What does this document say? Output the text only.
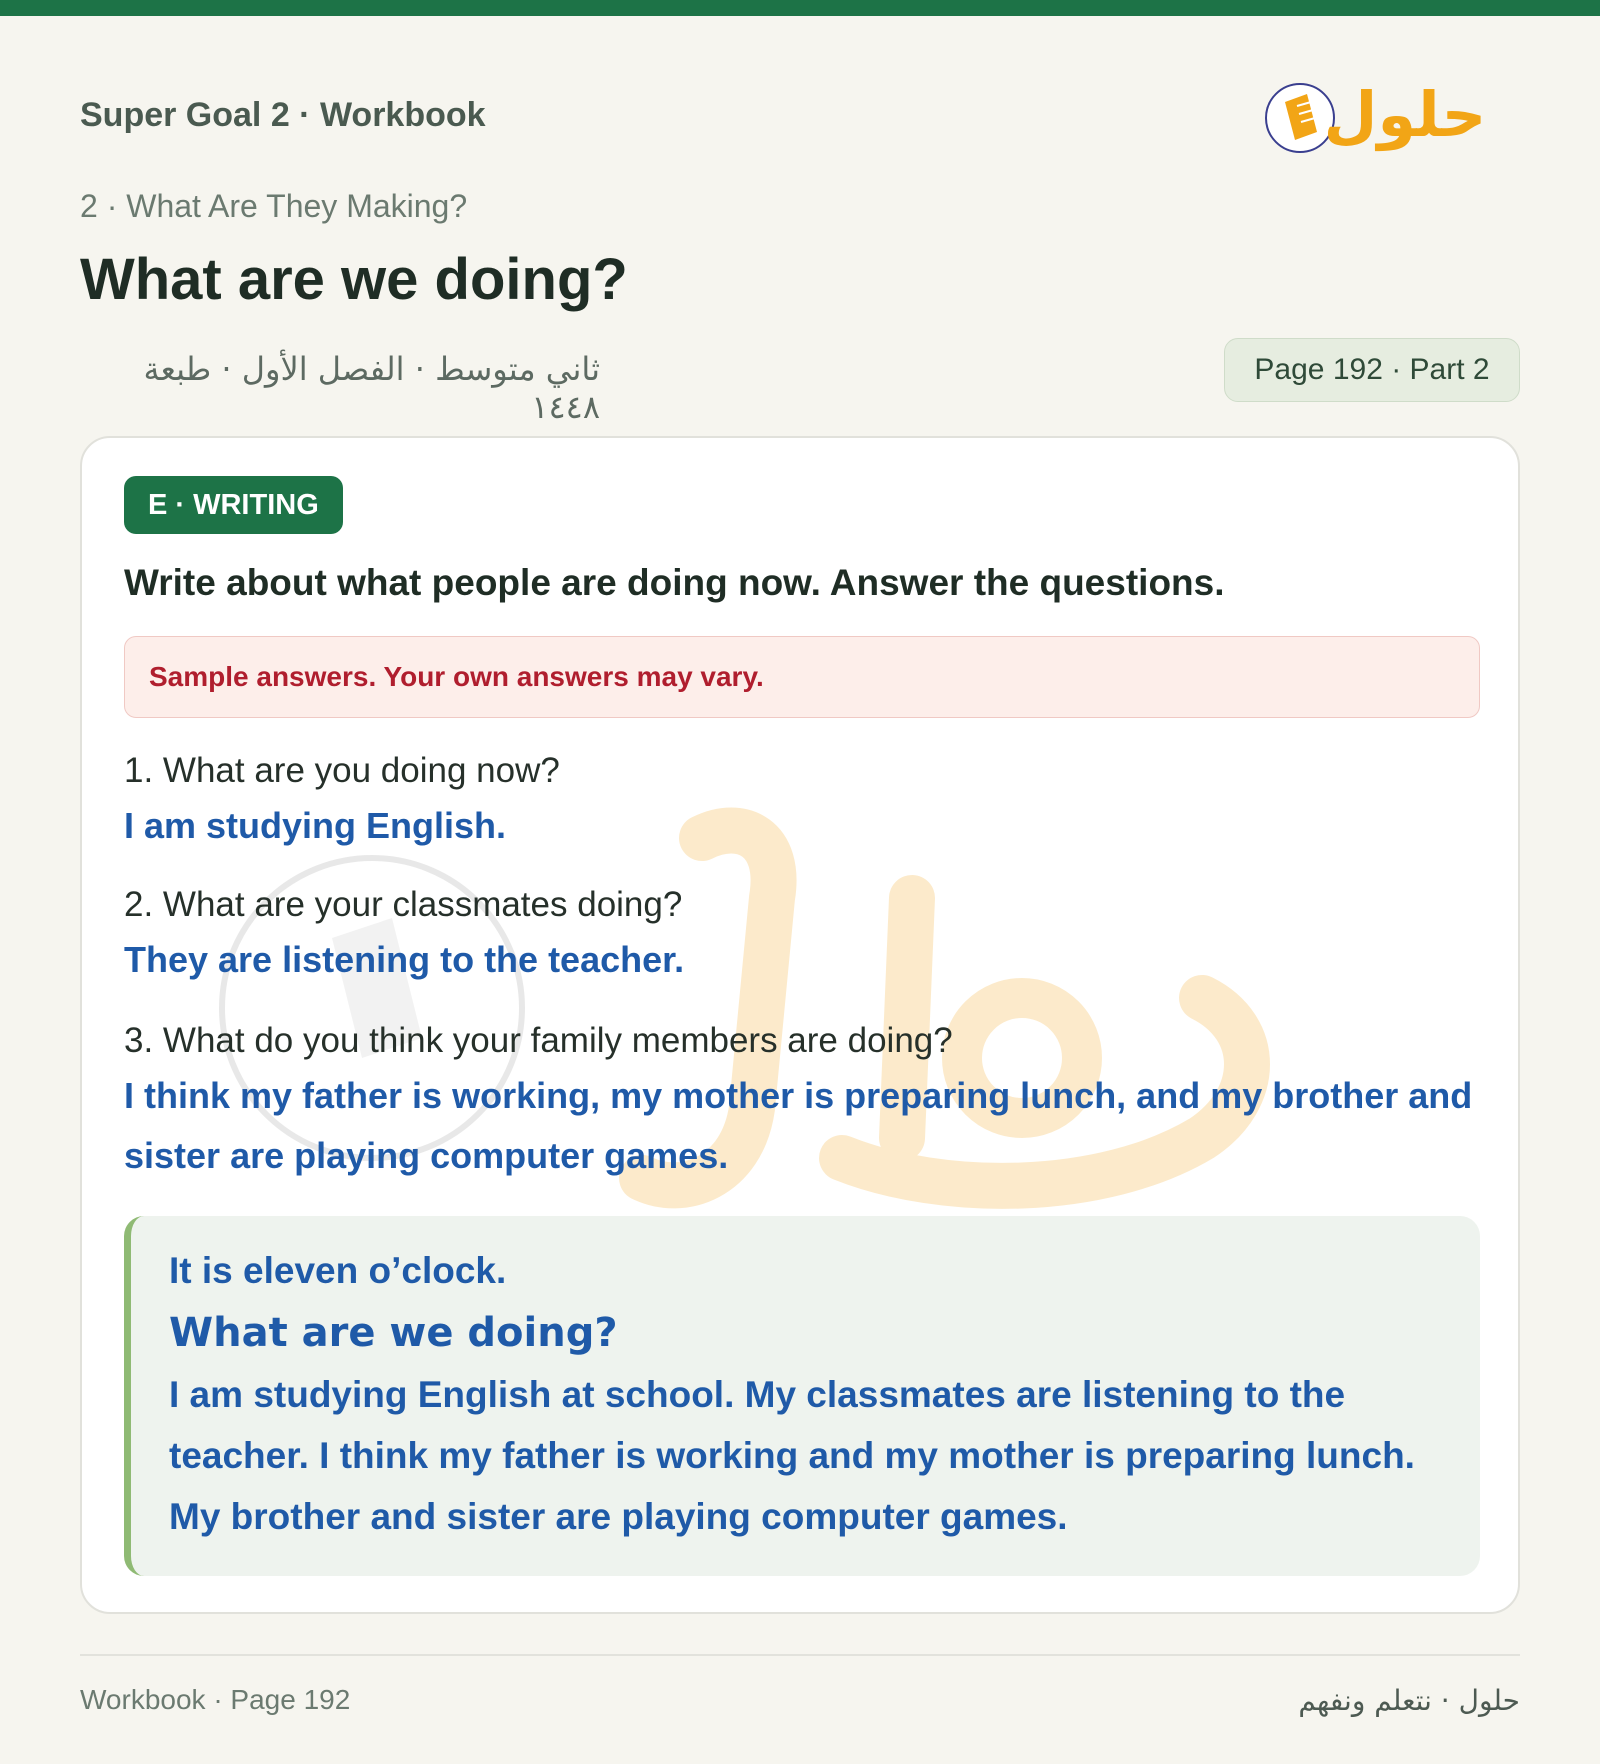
Super Goal 2 · Workbook	حلول
2 · What Are They Making?
What are we doing?
ثاني متوسط · الفصل الأول · طبعة ١٤٤٨
Page 192 · Part 2
E · WRITING
Write about what people are doing now. Answer the questions.
Sample answers. Your own answers may vary.
1. What are you doing now?
I am studying English.
2. What are your classmates doing?
They are listening to the teacher.
3. What do you think your family members are doing?
I think my father is working, my mother is preparing lunch, and my brother and sister are playing computer games.
It is eleven o’clock.
What are we doing?
I am studying English at school. My classmates are listening to the teacher. I think my father is working and my mother is preparing lunch. My brother and sister are playing computer games.
Workbook · Page 192	حلول · نتعلم ونفهم
